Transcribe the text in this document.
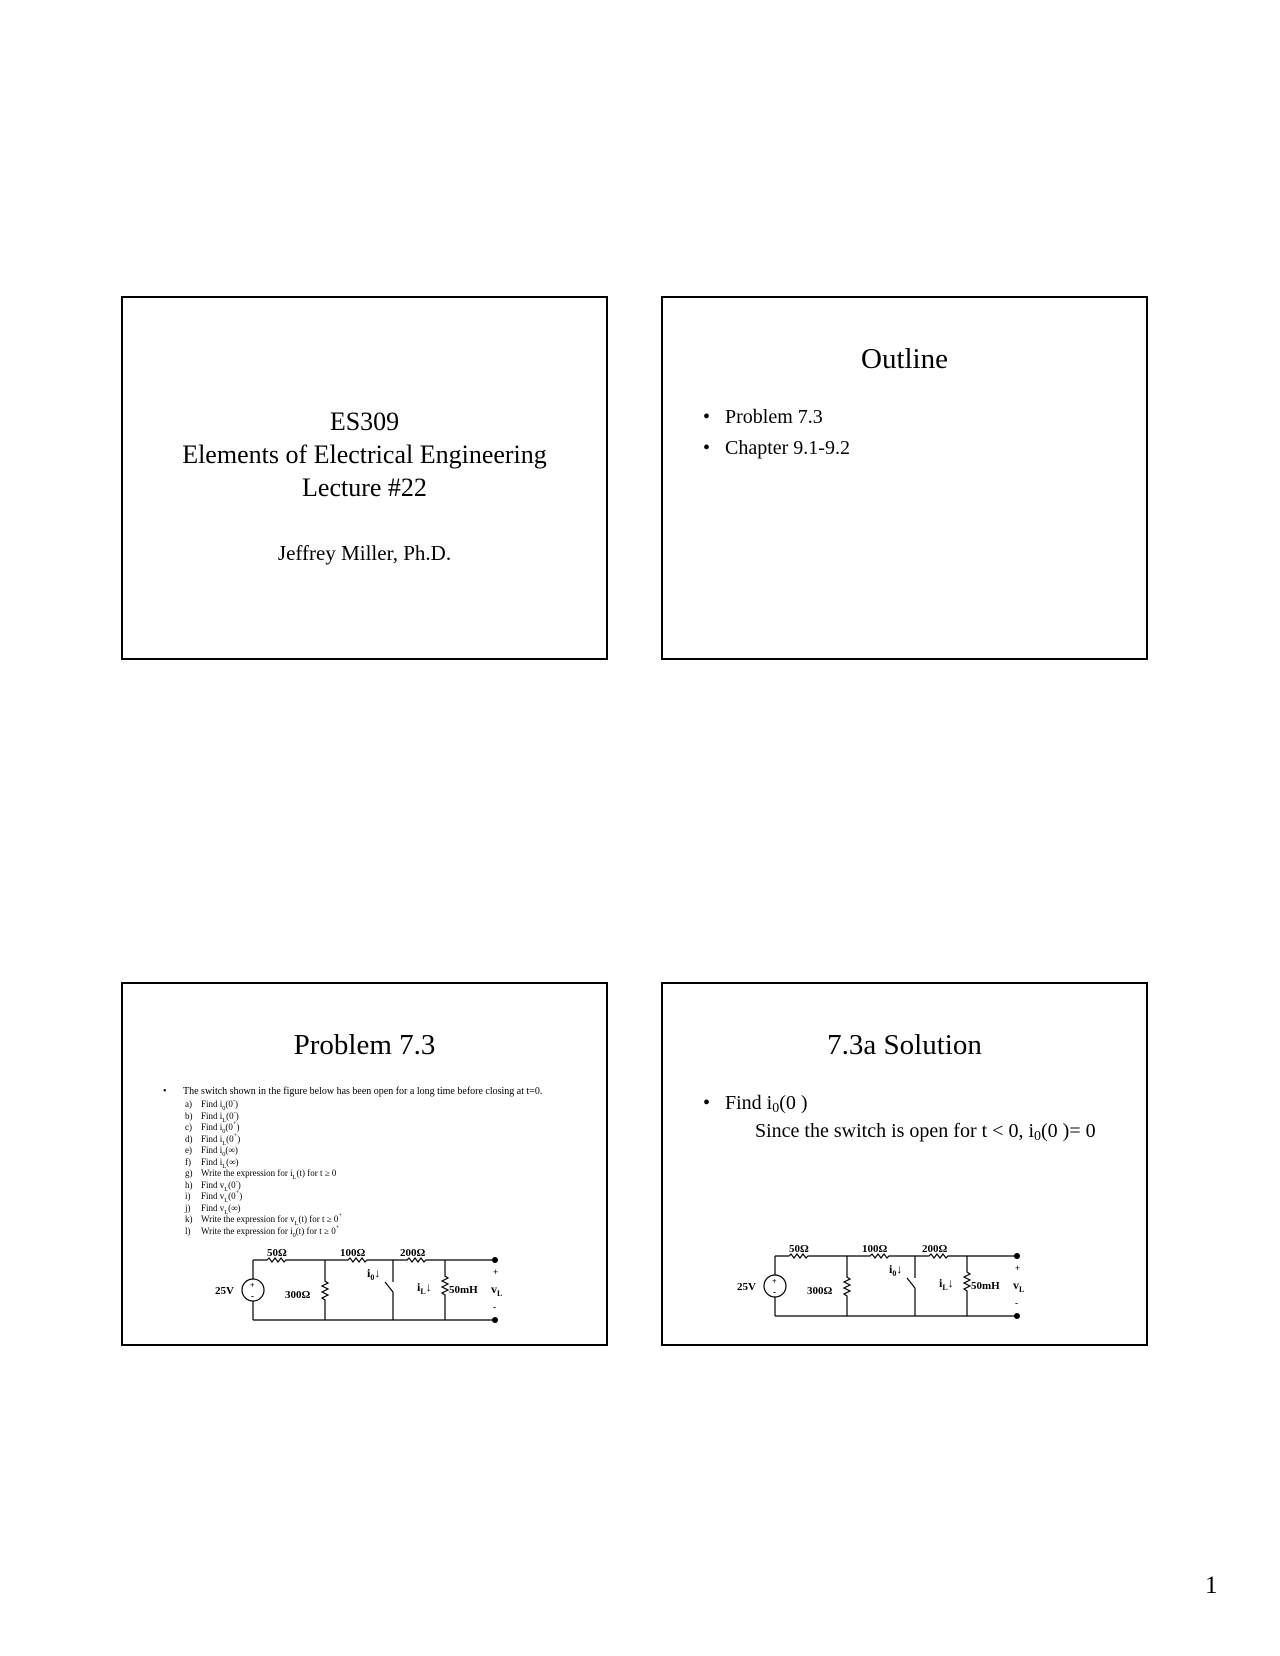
ES309
Elements of Electrical Engineering
Lecture #22
Jeffrey Miller, Ph.D.
Outline
• Problem 7.3
• Chapter 9.1-9.2
Problem 7.3
• The switch shown in the figure below has been open for a long time before closing at t=0.
a) Find $i_0(0^-)$
b) Find $i_L(0^-)$
c) Find $i_0(0^+)$
d) Find $i_L(0^+)$
e) Find $i_0(\infty)$
f) Find $i_L(\infty)$
g) Write the expression for $i_L(t)$ for t ≥ 0
h) Find $v_L(0^-)$
i) Find $v_L(0^+)$
j) Find $v_L(\infty)$
k) Write the expression for $v_L(t)$ for t ≥ 0+
l) Write the expression for $i_0(t)$ for t ≥ 0+
+
-
50Ω	100Ω	200Ω
300Ω
25V	50mH
$i_0↓$
$i_L↓$
+
$v_L$
-
7.3a Solution
• Find $i_0(0$ )
Since the switch is open for t < 0, $i_0(0$ )= 0
+
-
50Ω	100Ω	200Ω
300Ω
25V	50mH
$i_0↓$
$i_L↓$
+
$v_L$
-
1
